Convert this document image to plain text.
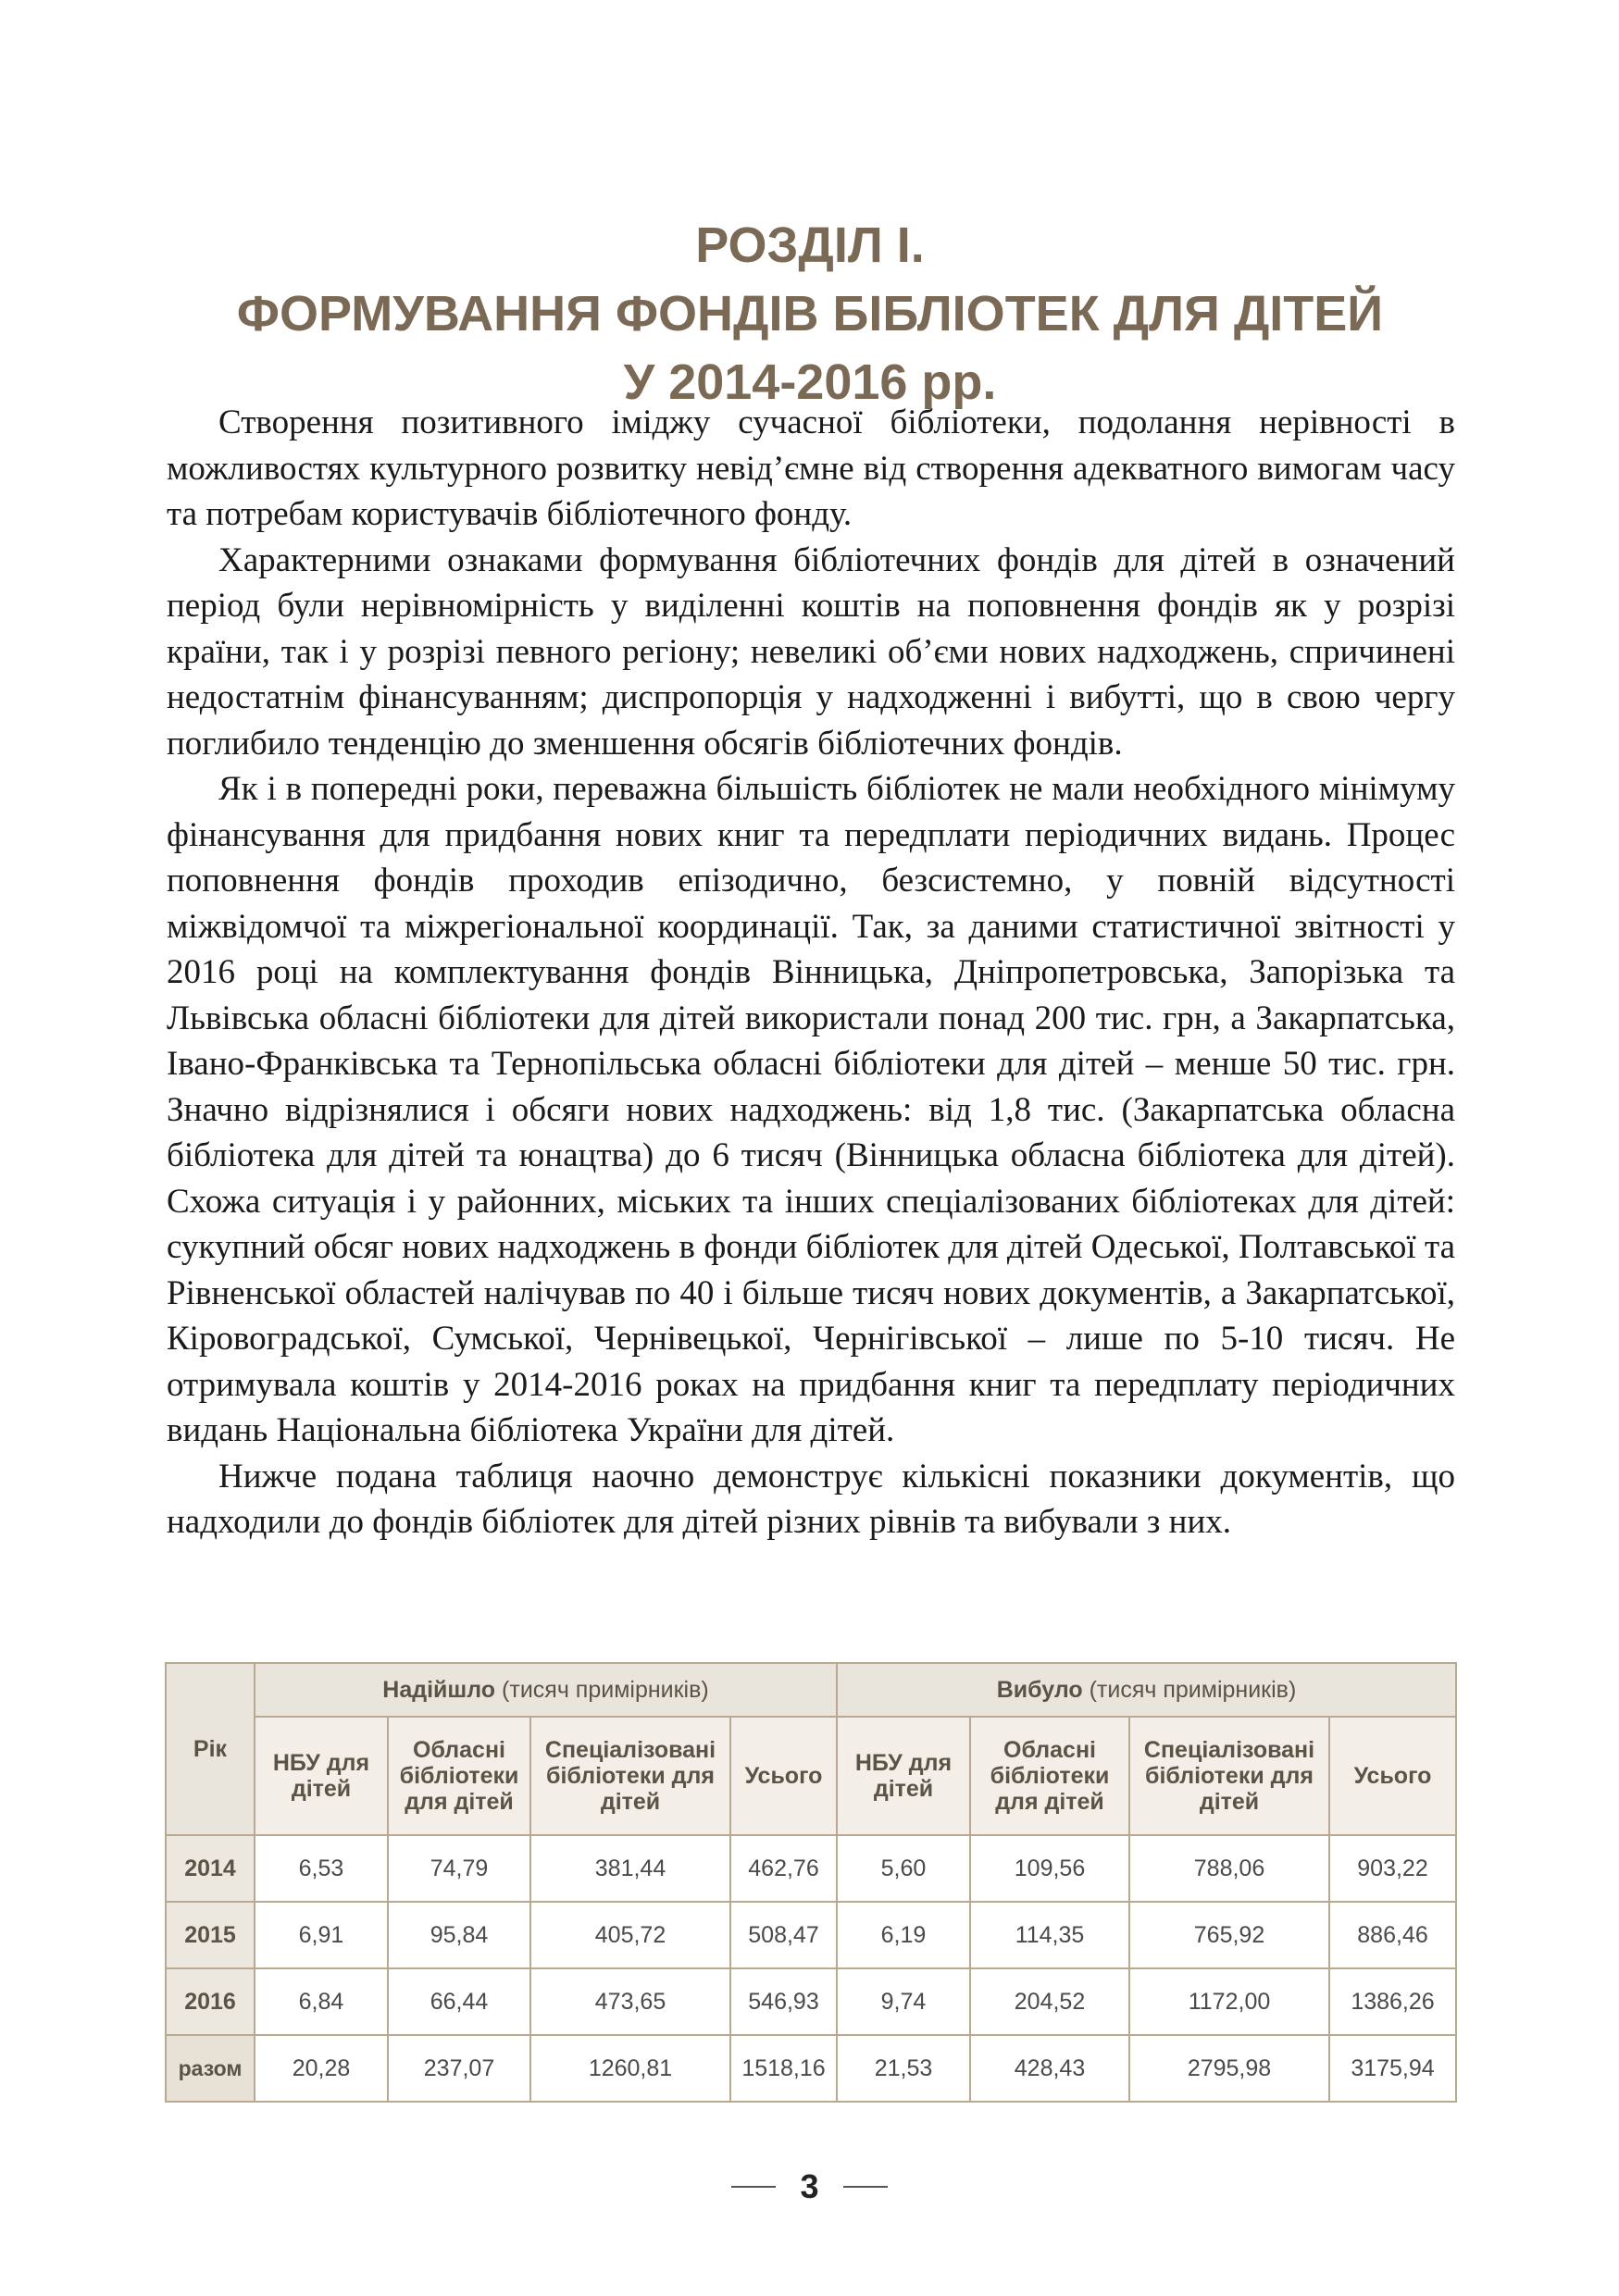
РОЗДІЛ І.
ФОРМУВАННЯ ФОНДІВ БІБЛІОТЕК ДЛЯ ДІТЕЙ
У 2014-2016 рр.

Створення позитивного іміджу сучасної бібліотеки, подолання нерівності в можливостях культурного розвитку невід’ємне від створення адекватного вимогам часу та потребам користувачів бібліотечного фонду.

Характерними ознаками формування бібліотечних фондів для дітей в означений період були нерівномірність у виділенні коштів на поповнення фондів як у розрізі країни, так і у розрізі певного регіону; невеликі об’єми нових надходжень, спричинені недостатнім фінансуванням; диспропорція у надходженні і вибутті, що в свою чергу поглибило тенденцію до зменшення обсягів бібліотечних фондів.

Як і в попередні роки, переважна більшість бібліотек не мали необхідного мінімуму фінансування для придбання нових книг та передплати періодичних видань. Процес поповнення фондів проходив епізодично, безсистемно, у повній відсутності міжвідомчої та міжрегіональної координації. Так, за даними статистичної звітності у 2016 році на комплектування фондів Вінницька, Дніпропетровська, Запорізька та Львівська обласні бібліотеки для дітей використали понад 200 тис. грн, а Закарпатська, Івано-Франківська та Тернопільська обласні бібліотеки для дітей – менше 50 тис. грн. Значно відрізнялися і обсяги нових надходжень: від 1,8 тис. (Закарпатська обласна бібліотека для дітей та юнацтва) до 6 тисяч (Вінницька обласна бібліотека для дітей). Схожа ситуація і у районних, міських та інших спеціалізованих бібліотеках для дітей: сукупний обсяг нових надходжень в фонди бібліотек для дітей Одеської, Полтавської та Рівненської областей налічував по 40 і більше тисяч нових документів, а Закарпатської, Кіровоградської, Сумської, Чернівецької, Чернігівської – лише по 5-10 тисяч. Не отримувала коштів у 2014-2016 роках на придбання книг та передплату періодичних видань Національна бібліотека України для дітей.

Нижче подана таблиця наочно демонструє кількісні показники документів, що надходили до фондів бібліотек для дітей різних рівнів та вибували з них.

Рік	Надійшло (тисяч примірників)				Вибуло (тисяч примірників)			
	НБУ для дітей	Обласні бібліотеки для дітей	Спеціалізовані бібліотеки для дітей	Усього	НБУ для дітей	Обласні бібліотеки для дітей	Спеціалізовані бібліотеки для дітей	Усього
2014	6,53	74,79	381,44	462,76	5,60	109,56	788,06	903,22
2015	6,91	95,84	405,72	508,47	6,19	114,35	765,92	886,46
2016	6,84	66,44	473,65	546,93	9,74	204,52	1172,00	1386,26
разом	20,28	237,07	1260,81	1518,16	21,53	428,43	2795,98	3175,94
3
